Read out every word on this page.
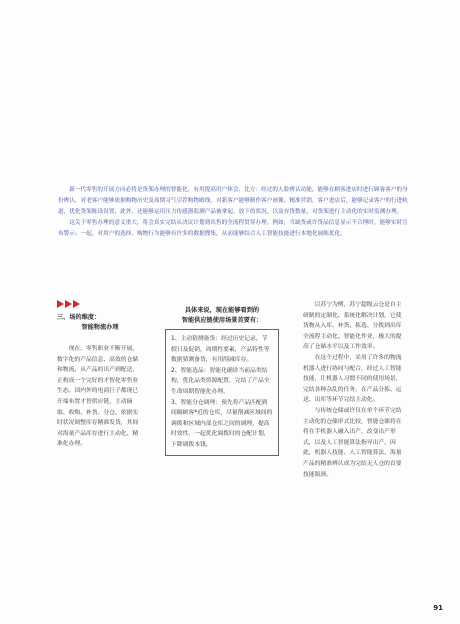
新一代零售的开展方向必将是货架办理的智能化。有用提高用户体会、比方：经过的人脸辨认功能，能够在顾客进店时进行顾客客户的身份辨认，对老客户能够依据购物历史及周期习气引荐购物路线，对新客户能够制作客户画像，精准营销。客户进店后，能够记录客户的行进轨道，优化货架陈设设置，此外，还能够运用压力传感器监测产品被拿起、放下的状况，以及存货数量，对货架进行主动化的实时监测办理。

这关于零售办理的意义重大，将会真实完结从决议计划到出售的全流程贯穿办理。例如，当缺货或许货品信息显示不合理时，能够实时宣布警示；一起，对用户的选择、购物行为能够有许多的数据搜集，从而能够结合人工智能技能进行本地化展陈优化。

三、场的维度：
智能物流办理

现在，零售职业不断开展，数字化的产品信息、高效的仓储和物流，从产品的出产到配送，正构成一个完好的才智化零售业生态。国内外的电商巨子都现已开端布置才智供应链，主动摘取、收购、补货、分仓，依据实时状况调整库存精准发货，其间对海量产品库存进行主动化、精准化办理。

具体来说，现在能够看到的
智能供应链使用场景首要有：

1、主动猜测备货：经过历史记录，节假日及促销，周期性要素，产品特性等数据猜测备货，有用削减库存。

2、智能选品：智能化确诊当前品类结构，优化品类资源配置，完结了产品全生命周期智能化办理。

3、智能分仓调理：预先将产品匹配到间隔顾客*近的仓库，尽量削减区域间的调拨和区域内部仓库之间的调理，提高时效性，一起优化调拨时的仓配计划，下降调拨本钱。

以苏宁为例，苏宁超级云仓是自主研制的定制化、系统化解决计划，它使货物从入库、补货、拣选、分拨到出库全流程主动化、智能化作业，极大的提高了仓储水平以及工作效率。

在这个过程中，采用了许多的物流机器人进行协同与配合，经过人工智能技能，让机器人习惯不同的使用场景，完结各种杂乱的任务，在产品分拣、运送、出库等环节完结主动化。

与传统仓储或许仅在单个环节完结主动化的仓储形式比较，智能仓储将在将在手机器人融入出产，改变出产形式，以及人工智能算法指导出产，因此，机器人技能、人工智能算法、海量产品的精准辨认成为完结无人仓的首要技能瓶颈。

91
